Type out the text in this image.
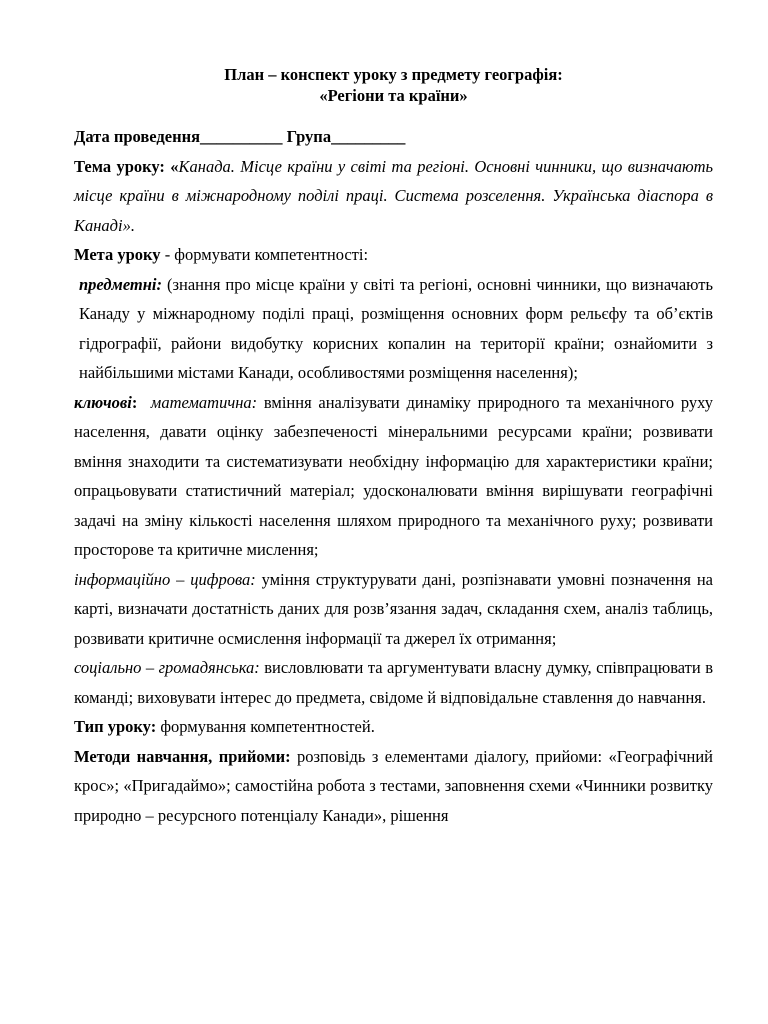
План – конспект уроку з предмету географія:
«Регіони та країни»

Дата проведення__________ Група_________

Тема уроку: «Канада. Місце країни у світі та регіоні. Основні чинники, що визначають місце країни в міжнародному поділі праці. Система розселення. Українська діаспора в Канаді».

Мета уроку - формувати компетентності:

предметні: (знання про місце країни у світі та регіоні, основні чинники, що визначають Канаду у міжнародному поділі праці, розміщення основних форм рельєфу та об’єктів гідрографії, райони видобутку корисних копалин на території країни; ознайомити з найбільшими містами Канади, особливостями розміщення населення);

ключові: математична: вміння аналізувати динаміку природного та механічного руху населення, давати оцінку забезпеченості мінеральними ресурсами країни; розвивати вміння знаходити та систематизувати необхідну інформацію для характеристики країни; опрацьовувати статистичний матеріал; удосконалювати вміння вирішувати географічні задачі на зміну кількості населення шляхом природного та механічного руху; розвивати просторове та критичне мислення;

інформаційно – цифрова: уміння структурувати дані, розпізнавати умовні позначення на карті, визначати достатність даних для розв’язання задач, складання схем, аналіз таблиць, розвивати критичне осмислення інформації та джерел їх отримання;

соціально – громадянська: висловлювати та аргументувати власну думку, співпрацювати в команді; виховувати інтерес до предмета, свідоме й відповідальне ставлення до навчання.

Тип уроку: формування компетентностей.

Методи навчання, прийоми: розповідь з елементами діалогу, прийоми: «Географічний крос»; «Пригадаймо»; самостійна робота з тестами, заповнення схеми «Чинники розвитку природно – ресурсного потенціалу Канади», рішення
